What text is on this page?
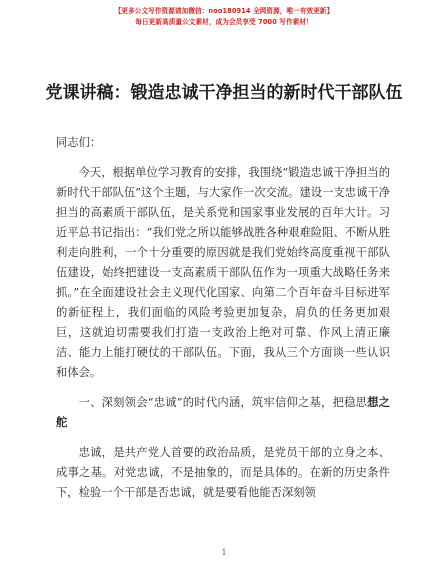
【更多公文写作资源请加微信：noo180914 全网资源，唯一有效更新】
每日更新高质量公文素材，成为会员享受 7000 写作素材！
党课讲稿：锻造忠诚干净担当的新时代干部队伍

同志们：

今天，根据单位学习教育的安排，我围绕“锻造忠诚干净担当的新时代干部队伍”这个主题，与大家作一次交流。建设一支忠诚干净担当的高素质干部队伍，是关系党和国家事业发展的百年大计。习近平总书记指出：“我们党之所以能够战胜各种艰难险阻、不断从胜利走向胜利，一个十分重要的原因就是我们党始终高度重视干部队伍建设，始终把建设一支高素质干部队伍作为一项重大战略任务来抓。”在全面建设社会主义现代化国家、向第二个百年奋斗目标进军的新征程上，我们面临的风险考验更加复杂，肩负的任务更加艰巨，这就迫切需要我们打造一支政治上绝对可靠、作风上清正廉洁、能力上能打硬仗的干部队伍。下面，我从三个方面谈一些认识和体会。

一、深刻领会“忠诚”的时代内涵，筑牢信仰之基，把稳思想之舵

忠诚，是共产党人首要的政治品质，是党员干部的立身之本、成事之基。对党忠诚，不是抽象的，而是具体的。在新的历史条件下，检验一个干部是否忠诚，就是要看他能否深刻领

1
